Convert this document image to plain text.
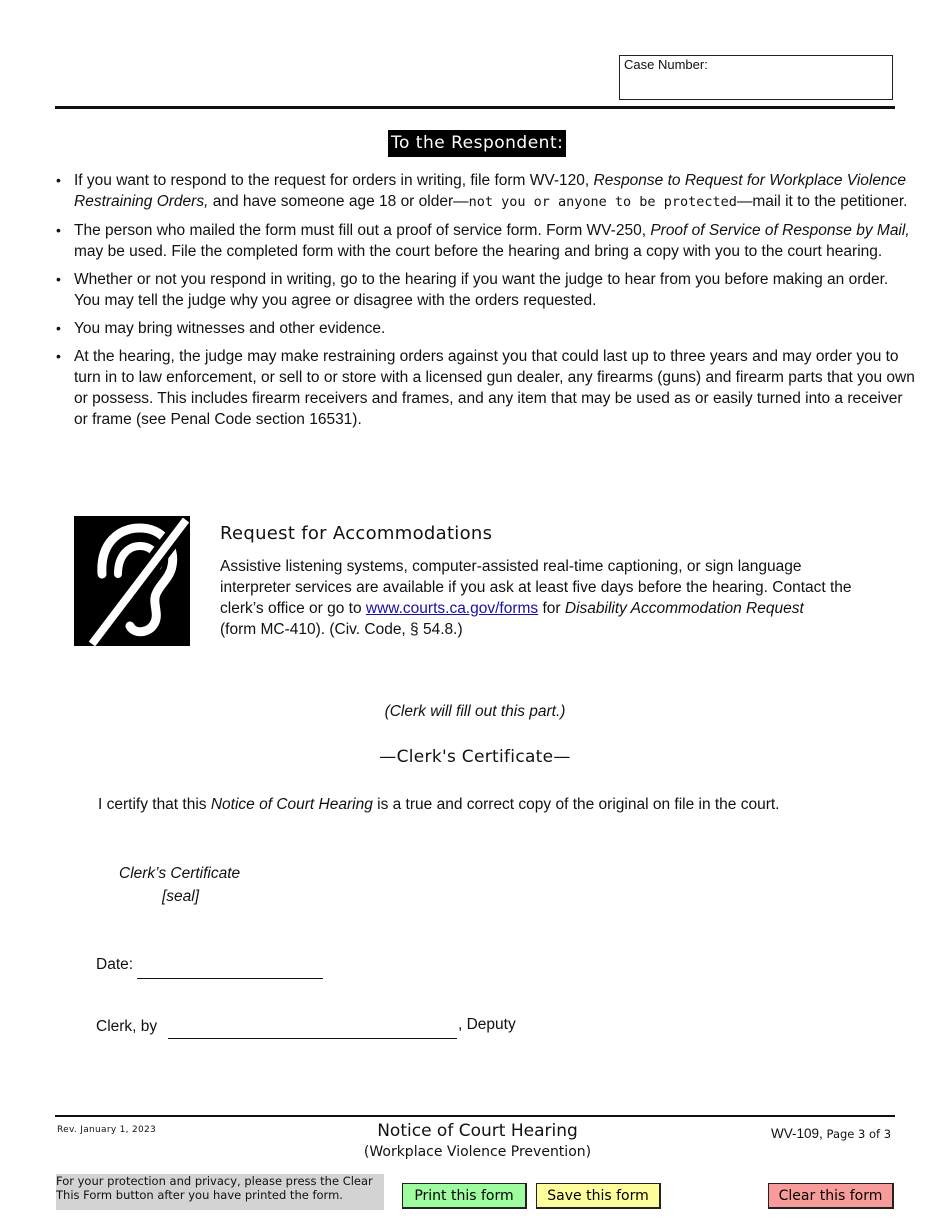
Case Number:
To the Respondent:
• If you want to respond to the request for orders in writing, file form WV-120, Response to Request for Workplace Violence Restraining Orders, and have someone age 18 or older—not you or anyone to be protected—mail it to the petitioner.
• The person who mailed the form must fill out a proof of service form. Form WV-250, Proof of Service of Response by Mail, may be used. File the completed form with the court before the hearing and bring a copy with you to the court hearing.
• Whether or not you respond in writing, go to the hearing if you want the judge to hear from you before making an order. You may tell the judge why you agree or disagree with the orders requested.
• You may bring witnesses and other evidence.
• At the hearing, the judge may make restraining orders against you that could last up to three years and may order you to turn in to law enforcement, or sell to or store with a licensed gun dealer, any firearms (guns) and firearm parts that you own or possess. This includes firearm receivers and frames, and any item that may be used as or easily turned into a receiver or frame (see Penal Code section 16531).
Request for Accommodations
Assistive listening systems, computer-assisted real-time captioning, or sign language interpreter services are available if you ask at least five days before the hearing. Contact the clerk’s office or go to www.courts.ca.gov/forms for Disability Accommodation Request
(form MC-410). (Civ. Code, § 54.8.)
(Clerk will fill out this part.)
—Clerk's Certificate—
I certify that this Notice of Court Hearing is a true and correct copy of the original on file in the court.
Clerk’s Certificate
[seal]
Date:
Clerk, by	, Deputy
Rev. January 1, 2023	Notice of Court Hearing
(Workplace Violence Prevention)
WV-109, Page 3 of 3
For your protection and privacy, please press the Clear This Form button after you have printed the form.	Print this form	Save this form	Clear this form
